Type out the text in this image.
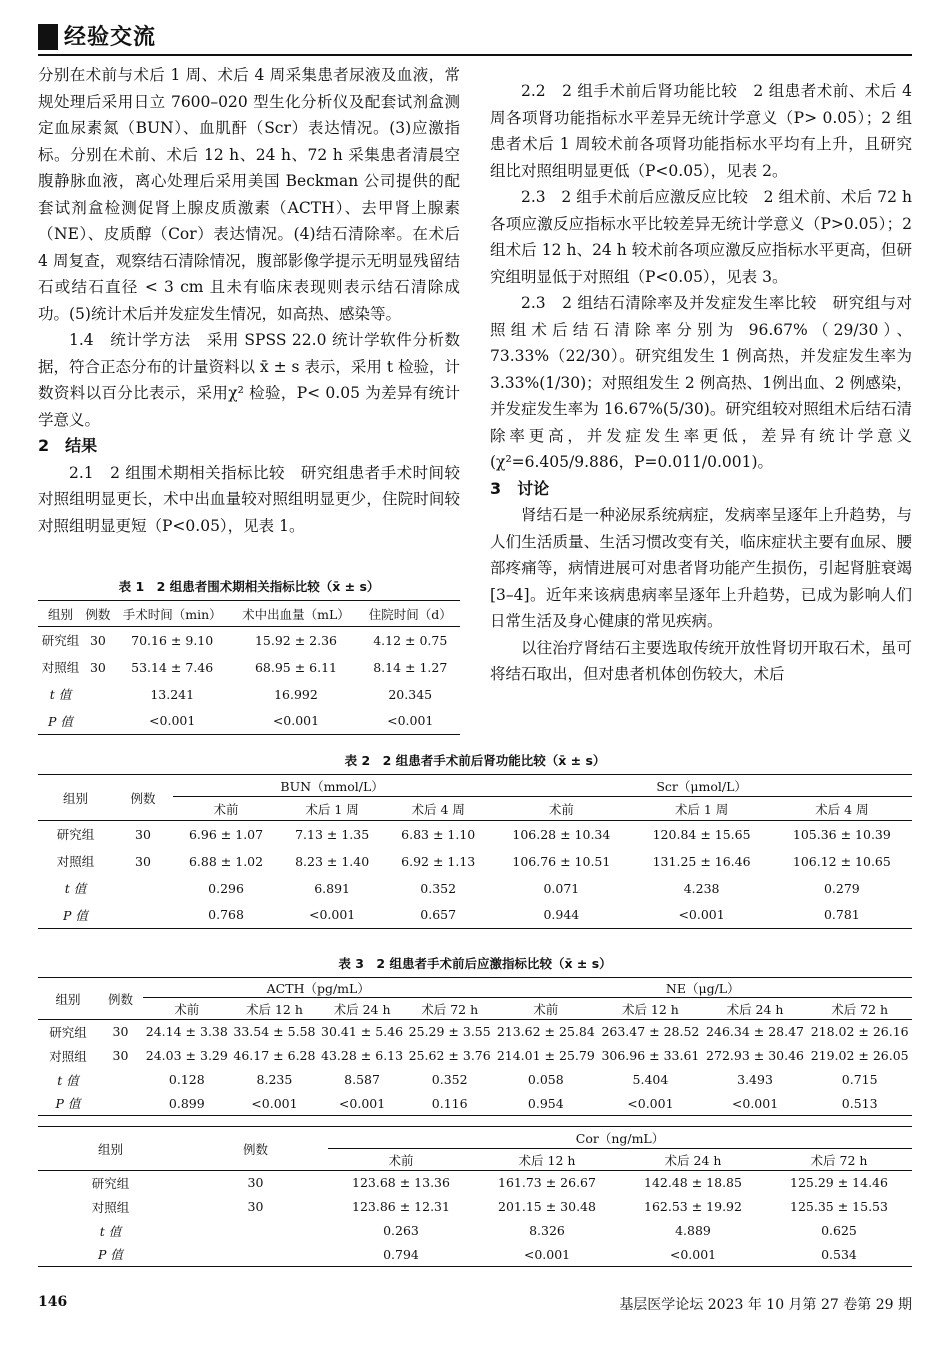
经验交流

分别在术前与术后 1 周、术后 4 周采集患者尿液及血液，常规处理后采用日立 7600–020 型生化分析仪及配套试剂盒测定血尿素氮（BUN）、血肌酐（Scr）表达情况。(3)应激指标。分别在术前、术后 12 h、24 h、72 h 采集患者清晨空腹静脉血液，离心处理后采用美国 Beckman 公司提供的配套试剂盒检测促肾上腺皮质激素（ACTH）、去甲肾上腺素（NE）、皮质醇（Cor）表达情况。(4)结石清除率。在术后 4 周复查，观察结石清除情况，腹部影像学提示无明显残留结石或结石直径 < 3 cm 且未有临床表现则表示结石清除成功。(5)统计术后并发症发生情况，如高热、感染等。

1.4　统计学方法　采用 SPSS 22.0 统计学软件分析数据，符合正态分布的计量资料以 x̄ ± s 表示，采用 t 检验，计数资料以百分比表示，采用χ² 检验，P< 0.05 为差异有统计学意义。

2　结果

2.1　2 组围术期相关指标比较　研究组患者手术时间较对照组明显更长，术中出血量较对照组明显更少，住院时间较对照组明显更短（P<0.05），见表 1。

表 1　2 组患者围术期相关指标比较（x̄ ± s）
组别	例数	手术时间（min）	术中出血量（mL）	住院时间（d）
研究组	30	70.16 ± 9.10	15.92 ± 2.36	4.12 ± 0.75
对照组	30	53.14 ± 7.46	68.95 ± 6.11	8.14 ± 1.27
t 值		13.241	16.992	20.345
P 值		<0.001	<0.001	<0.001

2.2　2 组手术前后肾功能比较　2 组患者术前、术后 4 周各项肾功能指标水平差异无统计学意义（P> 0.05）；2 组患者术后 1 周较术前各项肾功能指标水平均有上升，且研究组比对照组明显更低（P<0.05），见表 2。

2.3　2 组手术前后应激反应比较　2 组术前、术后 72 h 各项应激反应指标水平比较差异无统计学意义（P>0.05）；2 组术后 12 h、24 h 较术前各项应激反应指标水平更高，但研究组明显低于对照组（P<0.05），见表 3。

2.3　2 组结石清除率及并发症发生率比较　研究组与对照组术后结石清除率分别为 96.67%（29/30）、73.33%（22/30）。研究组发生 1 例高热，并发症发生率为 3.33%(1/30)；对照组发生 2 例高热、1例出血、2 例感染，并发症发生率为 16.67%(5/30)。研究组较对照组术后结石清除率更高，并发症发生率更低，差异有统计学意义(χ²=6.405/9.886，P=0.011/0.001)。

3　讨论

肾结石是一种泌尿系统病症，发病率呈逐年上升趋势，与人们生活质量、生活习惯改变有关，临床症状主要有血尿、腰部疼痛等，病情进展可对患者肾功能产生损伤，引起肾脏衰竭[3–4]。近年来该病患病率呈逐年上升趋势，已成为影响人们日常生活及身心健康的常见疾病。

以往治疗肾结石主要选取传统开放性肾切开取石术，虽可将结石取出，但对患者机体创伤较大，术后

表 2　2 组患者手术前后肾功能比较（x̄ ± s）
组别	例数	BUN（mmol/L）			Scr（μmol/L）		
		术前	术后 1 周	术后 4 周	术前	术后 1 周	术后 4 周
研究组	30	6.96 ± 1.07	7.13 ± 1.35	6.83 ± 1.10	106.28 ± 10.34	120.84 ± 15.65	105.36 ± 10.39
对照组	30	6.88 ± 1.02	8.23 ± 1.40	6.92 ± 1.13	106.76 ± 10.51	131.25 ± 16.46	106.12 ± 10.65
t 值		0.296	6.891	0.352	0.071	4.238	0.279
P 值		0.768	<0.001	0.657	0.944	<0.001	0.781
表 3　2 组患者手术前后应激指标比较（x̄ ± s）
组别	例数	ACTH（pg/mL）				NE（μg/L）			
		术前	术后 12 h	术后 24 h	术后 72 h	术前	术后 12 h	术后 24 h	术后 72 h
研究组	30	24.14 ± 3.38	33.54 ± 5.58	30.41 ± 5.46	25.29 ± 3.55	213.62 ± 25.84	263.47 ± 28.52	246.34 ± 28.47	218.02 ± 26.16
对照组	30	24.03 ± 3.29	46.17 ± 6.28	43.28 ± 6.13	25.62 ± 3.76	214.01 ± 25.79	306.96 ± 33.61	272.93 ± 30.46	219.02 ± 26.05
t 值		0.128	8.235	8.587	0.352	0.058	5.404	3.493	0.715
P 值		0.899	<0.001	<0.001	0.116	0.954	<0.001	<0.001	0.513
组别	例数	Cor（ng/mL）			
		术前	术后 12 h	术后 24 h	术后 72 h
研究组	30	123.68 ± 13.36	161.73 ± 26.67	142.48 ± 18.85	125.29 ± 14.46
对照组	30	123.86 ± 12.31	201.15 ± 30.48	162.53 ± 19.92	125.35 ± 15.53
t 值		0.263	8.326	4.889	0.625
P 值		0.794	<0.001	<0.001	0.534
146	基层医学论坛 2023 年 10 月第 27 卷第 29 期
